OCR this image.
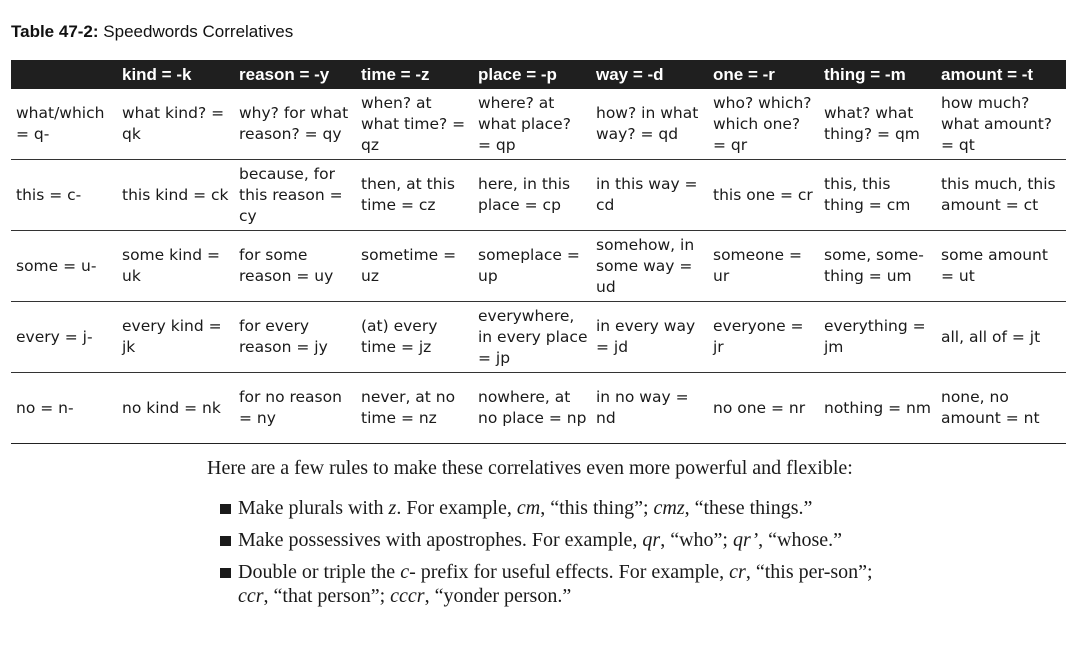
Table 47-2: Speedwords Correlatives
	kind = -k	reason = -y	time = -z	place = -p	way = -d	one = -r	thing = -m	amount = -t
what/which = q-	what kind? = qk	why? for what reason? = qy	when? at what time? = qz	where? at what place? = qp	how? in what way? = qd	who? which? which one? = qr	what? what thing? = qm	how much? what amount? = qt
this = c-	this kind = ck	because, for this reason = cy	then, at this time = cz	here, in this place = cp	in this way = cd	this one = cr	this, this thing = cm	this much, this amount = ct
some = u-	some kind = uk	for some reason = uy	sometime = uz	someplace = up	somehow, in some way = ud	someone = ur	some, some-thing = um	some amount = ut
every = j-	every kind = jk	for every reason = jy	(at) every time = jz	everywhere, in every place = jp	in every way = jd	everyone = jr	everything = jm	all, all of = jt
no = n-	no kind = nk	for no reason = ny	never, at no time = nz	nowhere, at no place = np	in no way = nd	no one = nr	nothing = nm	none, no amount = nt

Here are a few rules to make these correlatives even more powerful and flexible:

Make plurals with z. For example, cm, “this thing”; cmz, “these things.”
Make possessives with apostrophes. For example, qr, “who”; qr’, “whose.”
Double or triple the c- prefix for useful effects. For example, cr, “this per-son”; ccr, “that person”; cccr, “yonder person.”
